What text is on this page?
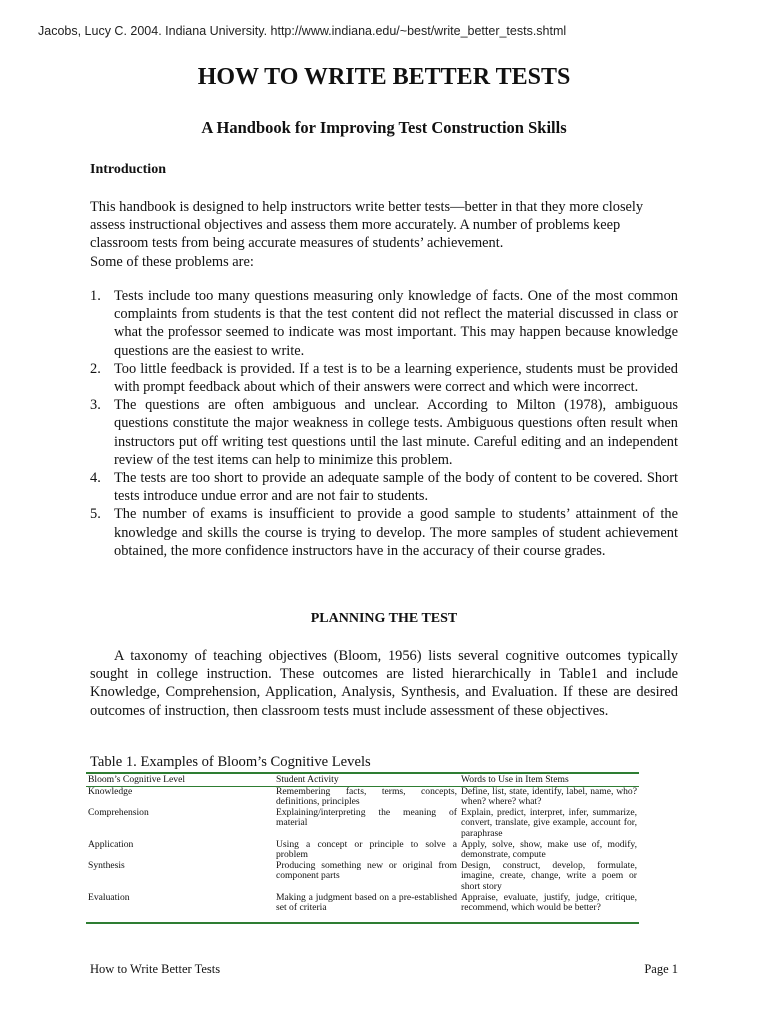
Jacobs, Lucy C. 2004. Indiana University. http://www.indiana.edu/~best/write_better_tests.shtml
HOW TO WRITE BETTER TESTS
A Handbook for Improving Test Construction Skills
Introduction

This handbook is designed to help instructors write better tests—better in that they more closely assess instructional objectives and assess them more accurately. A number of problems keep classroom tests from being accurate measures of students’ achievement.
Some of these problems are:

1. Tests include too many questions measuring only knowledge of facts. One of the most common complaints from students is that the test content did not reflect the material discussed in class or what the professor seemed to indicate was most important. This may happen because knowledge questions are the easiest to write.
2. Too little feedback is provided. If a test is to be a learning experience, students must be provided with prompt feedback about which of their answers were correct and which were incorrect.
3. The questions are often ambiguous and unclear. According to Milton (1978), ambiguous questions constitute the major weakness in college tests. Ambiguous questions often result when instructors put off writing test questions until the last minute. Careful editing and an independent review of the test items can help to minimize this problem.
4. The tests are too short to provide an adequate sample of the body of content to be covered. Short tests introduce undue error and are not fair to students.
5. The number of exams is insufficient to provide a good sample to students’ attainment of the knowledge and skills the course is trying to develop. The more samples of student achievement obtained, the more confidence instructors have in the accuracy of their course grades.
PLANNING THE TEST

A taxonomy of teaching objectives (Bloom, 1956) lists several cognitive outcomes typically sought in college instruction. These outcomes are listed hierarchically in Table1 and include Knowledge, Comprehension, Application, Analysis, Synthesis, and Evaluation. If these are desired outcomes of instruction, then classroom tests must include assessment of these objectives.

Table 1. Examples of Bloom’s Cognitive Levels
Bloom’s Cognitive Level	Student Activity	Words to Use in Item Stems
Knowledge	Remembering facts, terms, concepts, definitions, principles	Define, list, state, identify, label, name, who? when? where? what?
Comprehension	Explaining/interpreting the meaning of material	Explain, predict, interpret, infer, summarize, convert, translate, give example, account for, paraphrase
Application	Using a concept or principle to solve a problem	Apply, solve, show, make use of, modify, demonstrate, compute
Synthesis	Producing something new or original from component parts	Design, construct, develop, formulate, imagine, create, change, write a poem or short story
Evaluation	Making a judgment based on a pre-established set of criteria	Appraise, evaluate, justify, judge, critique, recommend, which would be better?
How to Write Better Tests	Page 1
